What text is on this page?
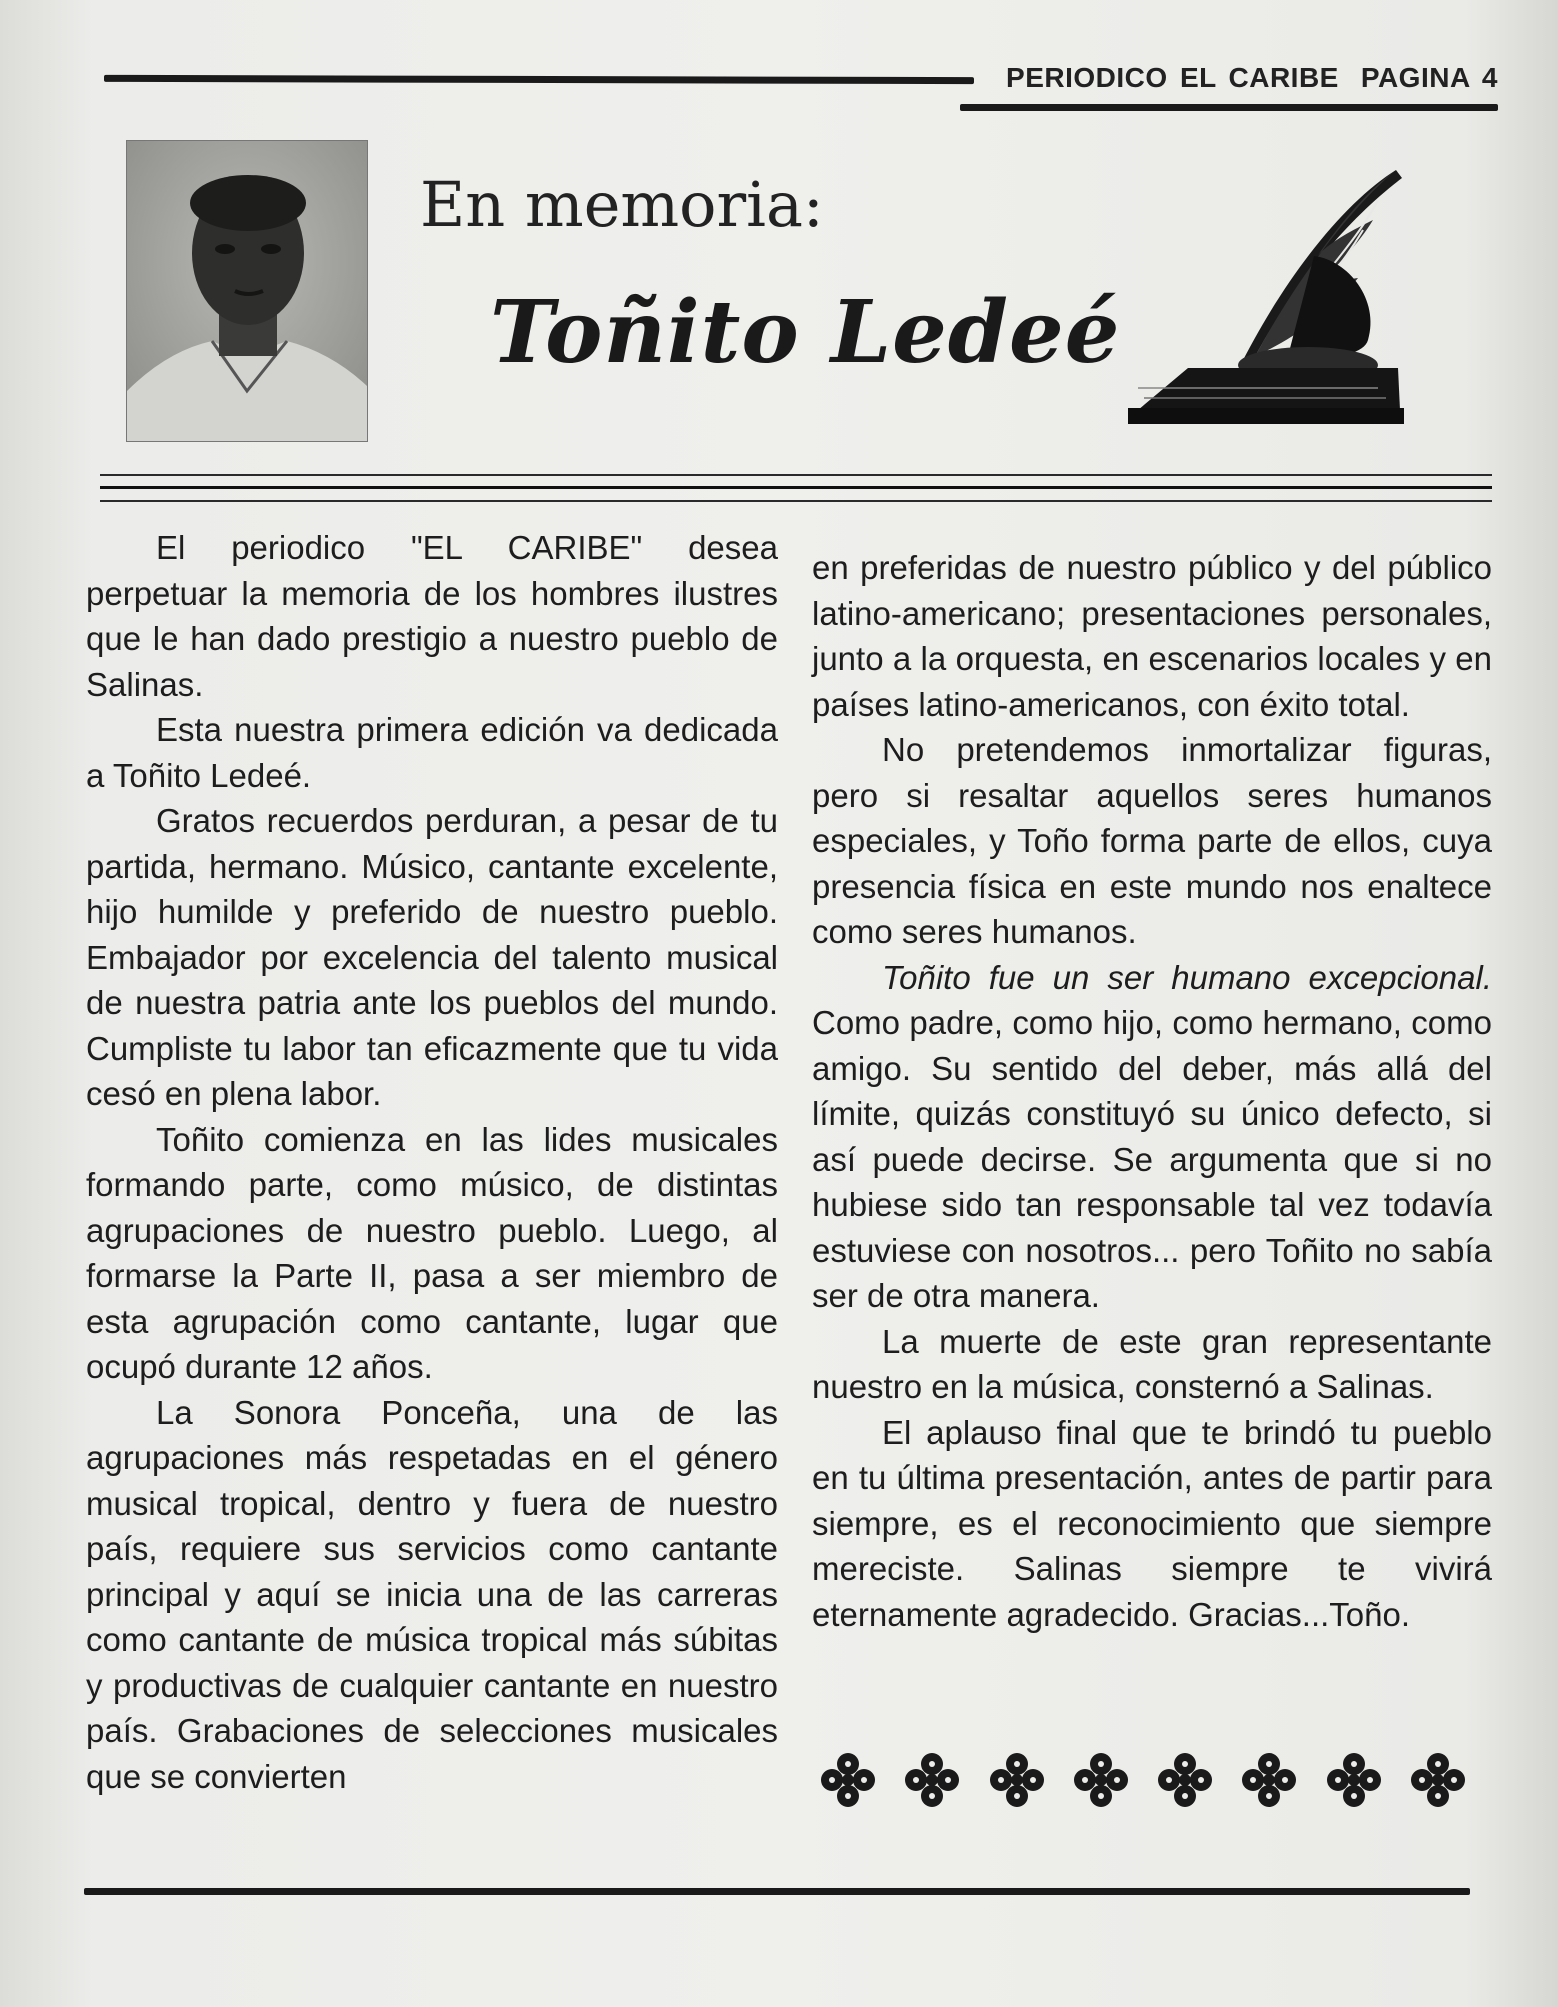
PERIODICO EL CARIBE PAGINA 4
En memoria:
Toñito Ledeé

El periodico "EL CARIBE" desea perpetuar la memoria de los hombres ilustres que le han dado prestigio a nuestro pueblo de Salinas.

Esta nuestra primera edición va dedicada a Toñito Ledeé.

Gratos recuerdos perduran, a pesar de tu partida, hermano. Músico, cantante excelente, hijo humilde y preferido de nuestro pueblo. Embajador por excelencia del talento musical de nuestra patria ante los pueblos del mundo. Cumpliste tu labor tan eficazmente que tu vida cesó en plena labor.

Toñito comienza en las lides musicales formando parte, como músico, de distintas agrupaciones de nuestro pueblo. Luego, al formarse la Parte II, pasa a ser miembro de esta agrupación como cantante, lugar que ocupó durante 12 años.

La Sonora Ponceña, una de las agrupaciones más respetadas en el género musical tropical, dentro y fuera de nuestro país, requiere sus servicios como cantante principal y aquí se inicia una de las carreras como cantante de música tropical más súbitas y productivas de cualquier cantante en nuestro país. Grabaciones de selecciones musicales que se convierten

en preferidas de nuestro público y del público latino-americano; presentaciones personales, junto a la orquesta, en escenarios locales y en países latino-americanos, con éxito total.

No pretendemos inmortalizar figuras, pero si resaltar aquellos seres humanos especiales, y Toño forma parte de ellos, cuya presencia física en este mundo nos enaltece como seres humanos.

Toñito fue un ser humano excepcional. Como padre, como hijo, como hermano, como amigo. Su sentido del deber, más allá del límite, quizás constituyó su único defecto, si así puede decirse. Se argumenta que si no hubiese sido tan responsable tal vez todavía estuviese con nosotros... pero Toñito no sabía ser de otra manera.

La muerte de este gran representante nuestro en la música, consternó a Salinas.

El aplauso final que te brindó tu pueblo en tu última presentación, antes de partir para siempre, es el reconocimiento que siempre mereciste. Salinas siempre te vivirá eternamente agradecido. Gracias...Toño.
